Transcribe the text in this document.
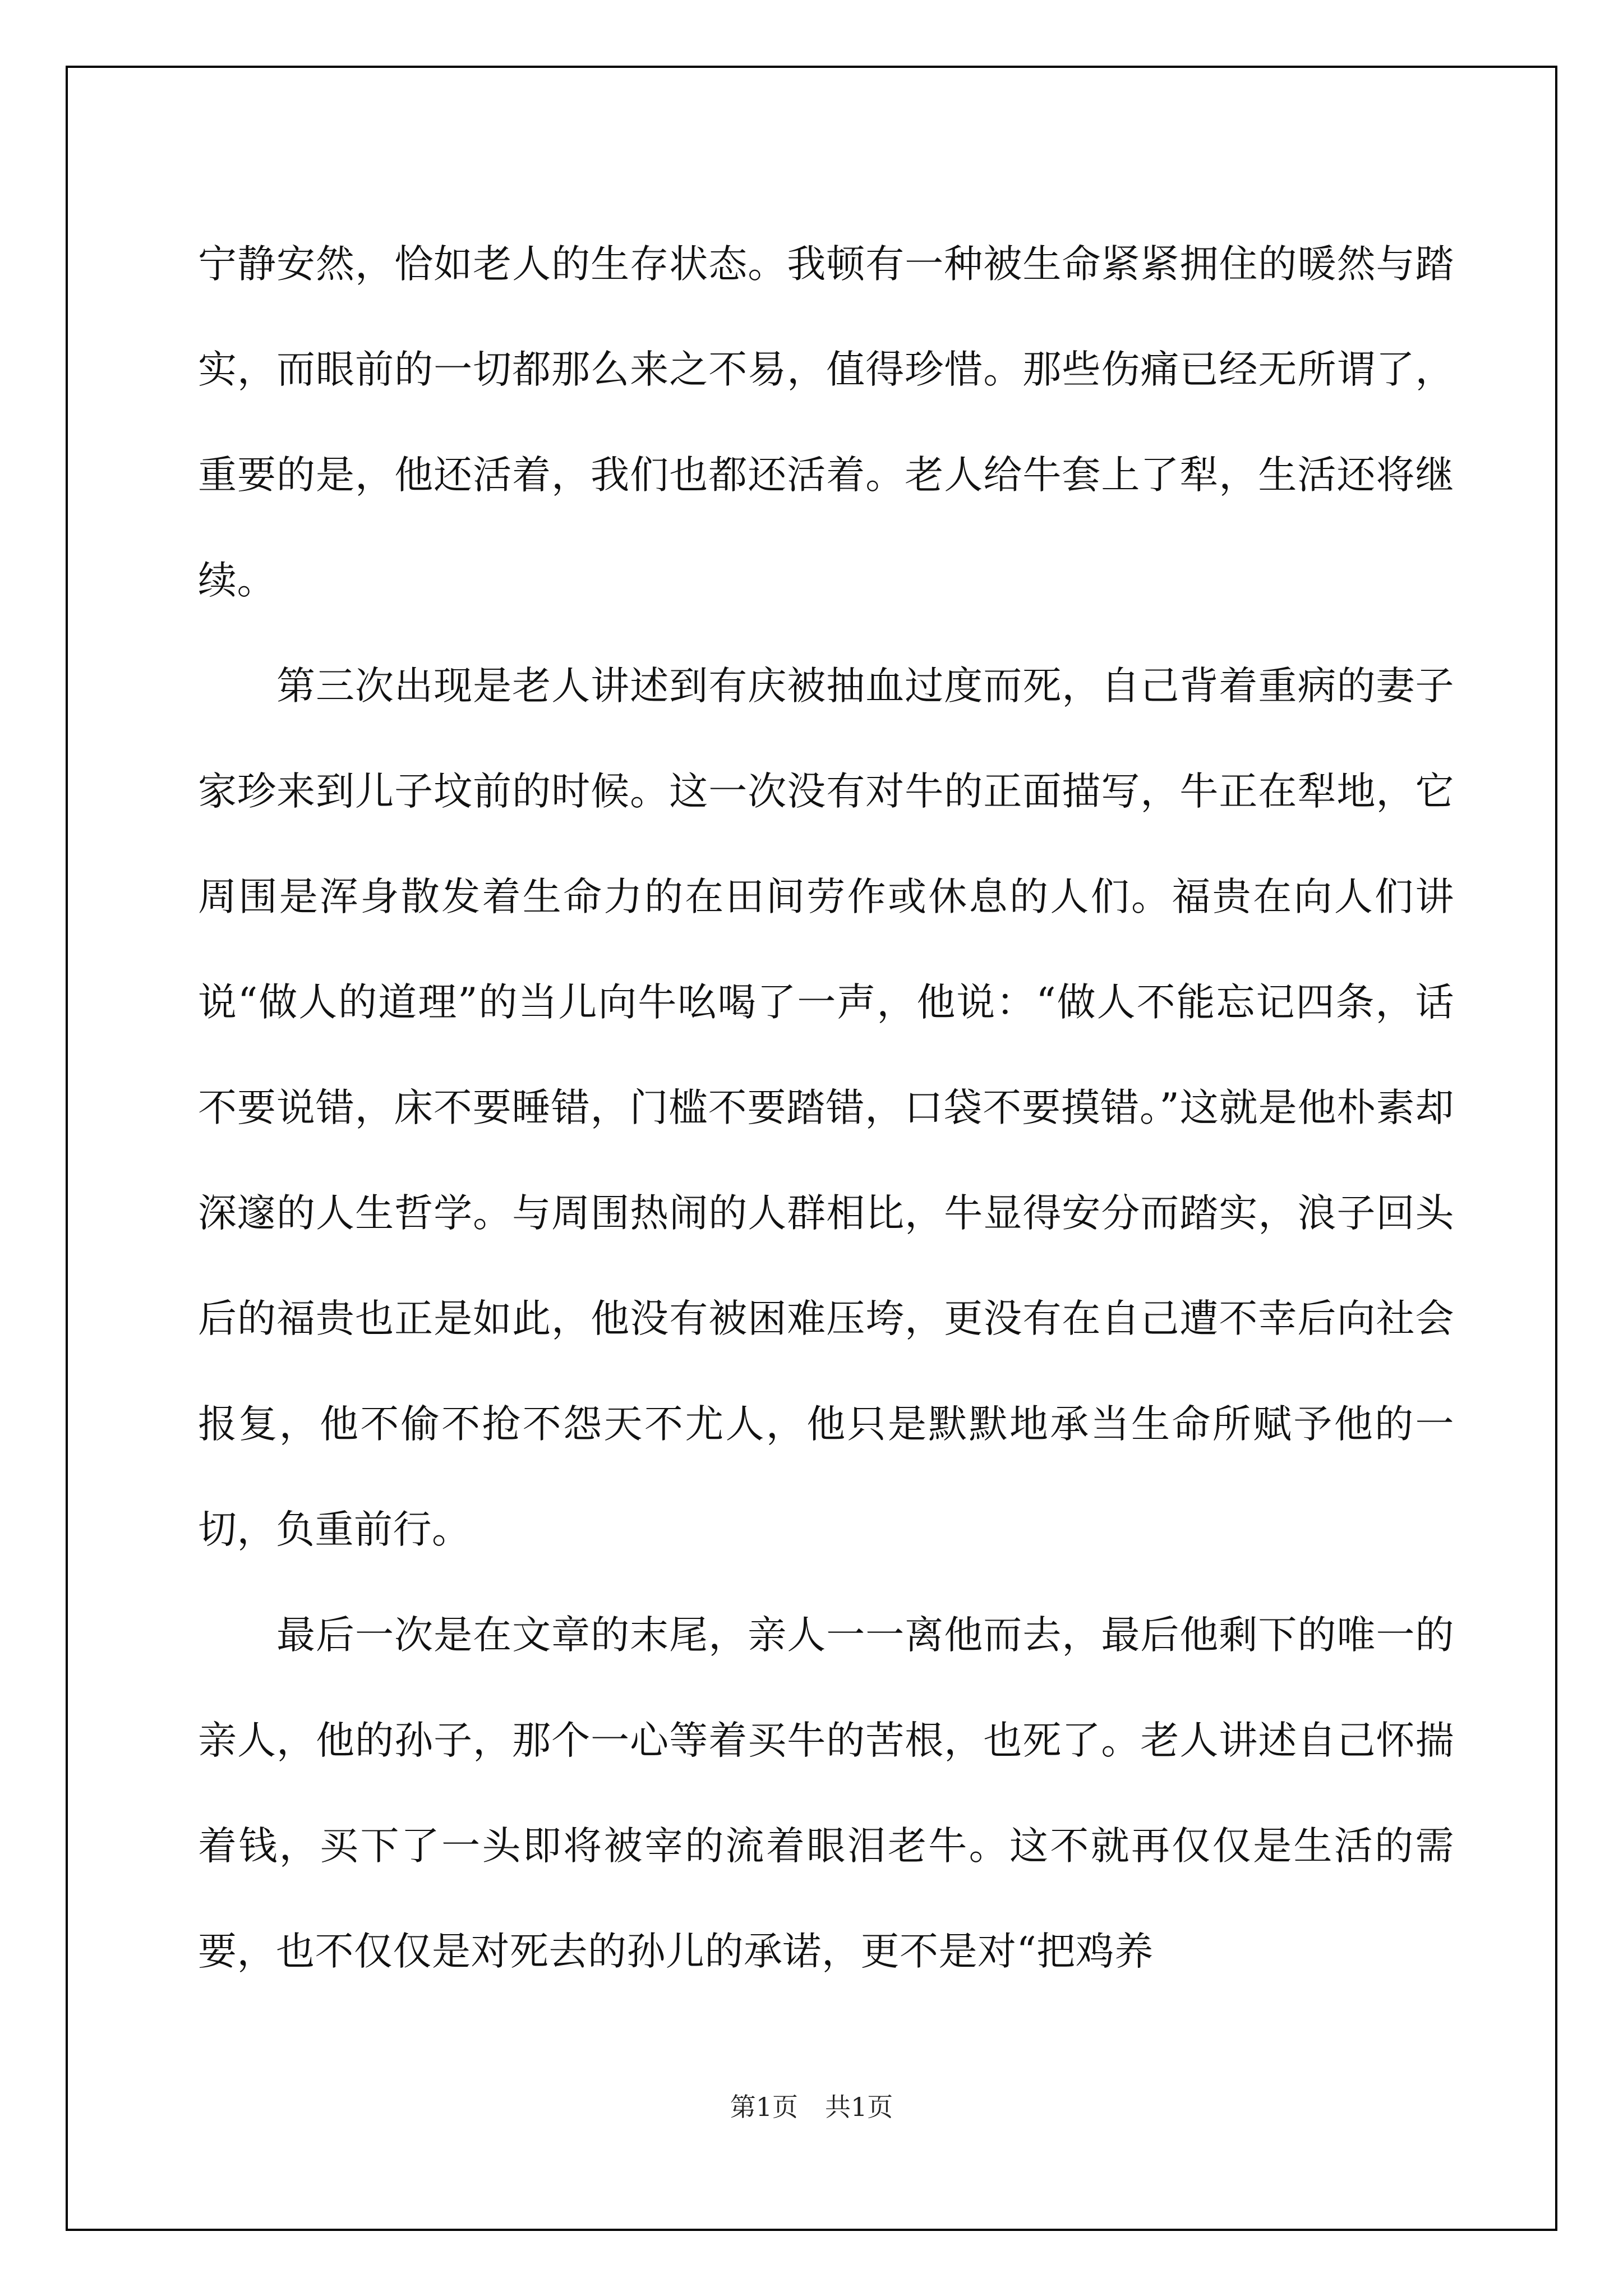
宁静安然，恰如老人的生存状态。我顿有一种被生命紧紧拥住的暖然与踏实，而眼前的一切都那么来之不易，值得珍惜。那些伤痛已经无所谓了，重要的是，他还活着，我们也都还活着。老人给牛套上了犁，生活还将继续。

第三次出现是老人讲述到有庆被抽血过度而死，自己背着重病的妻子家珍来到儿子坟前的时候。这一次没有对牛的正面描写，牛正在犁地，它周围是浑身散发着生命力的在田间劳作或休息的人们。福贵在向人们讲说“做人的道理”的当儿向牛吆喝了一声，他说：“做人不能忘记四条，话不要说错，床不要睡错，门槛不要踏错，口袋不要摸错。”这就是他朴素却深邃的人生哲学。与周围热闹的人群相比，牛显得安分而踏实，浪子回头后的福贵也正是如此，他没有被困难压垮，更没有在自己遭不幸后向社会报复，他不偷不抢不怨天不尤人，他只是默默地承当生命所赋予他的一切，负重前行。

最后一次是在文章的末尾，亲人一一离他而去，最后他剩下的唯一的亲人，他的孙子，那个一心等着买牛的苦根，也死了。老人讲述自己怀揣着钱，买下了一头即将被宰的流着眼泪老牛。这不就再仅仅是生活的需要，也不仅仅是对死去的孙儿的承诺，更不是对“把鸡养

第1页 共1页
